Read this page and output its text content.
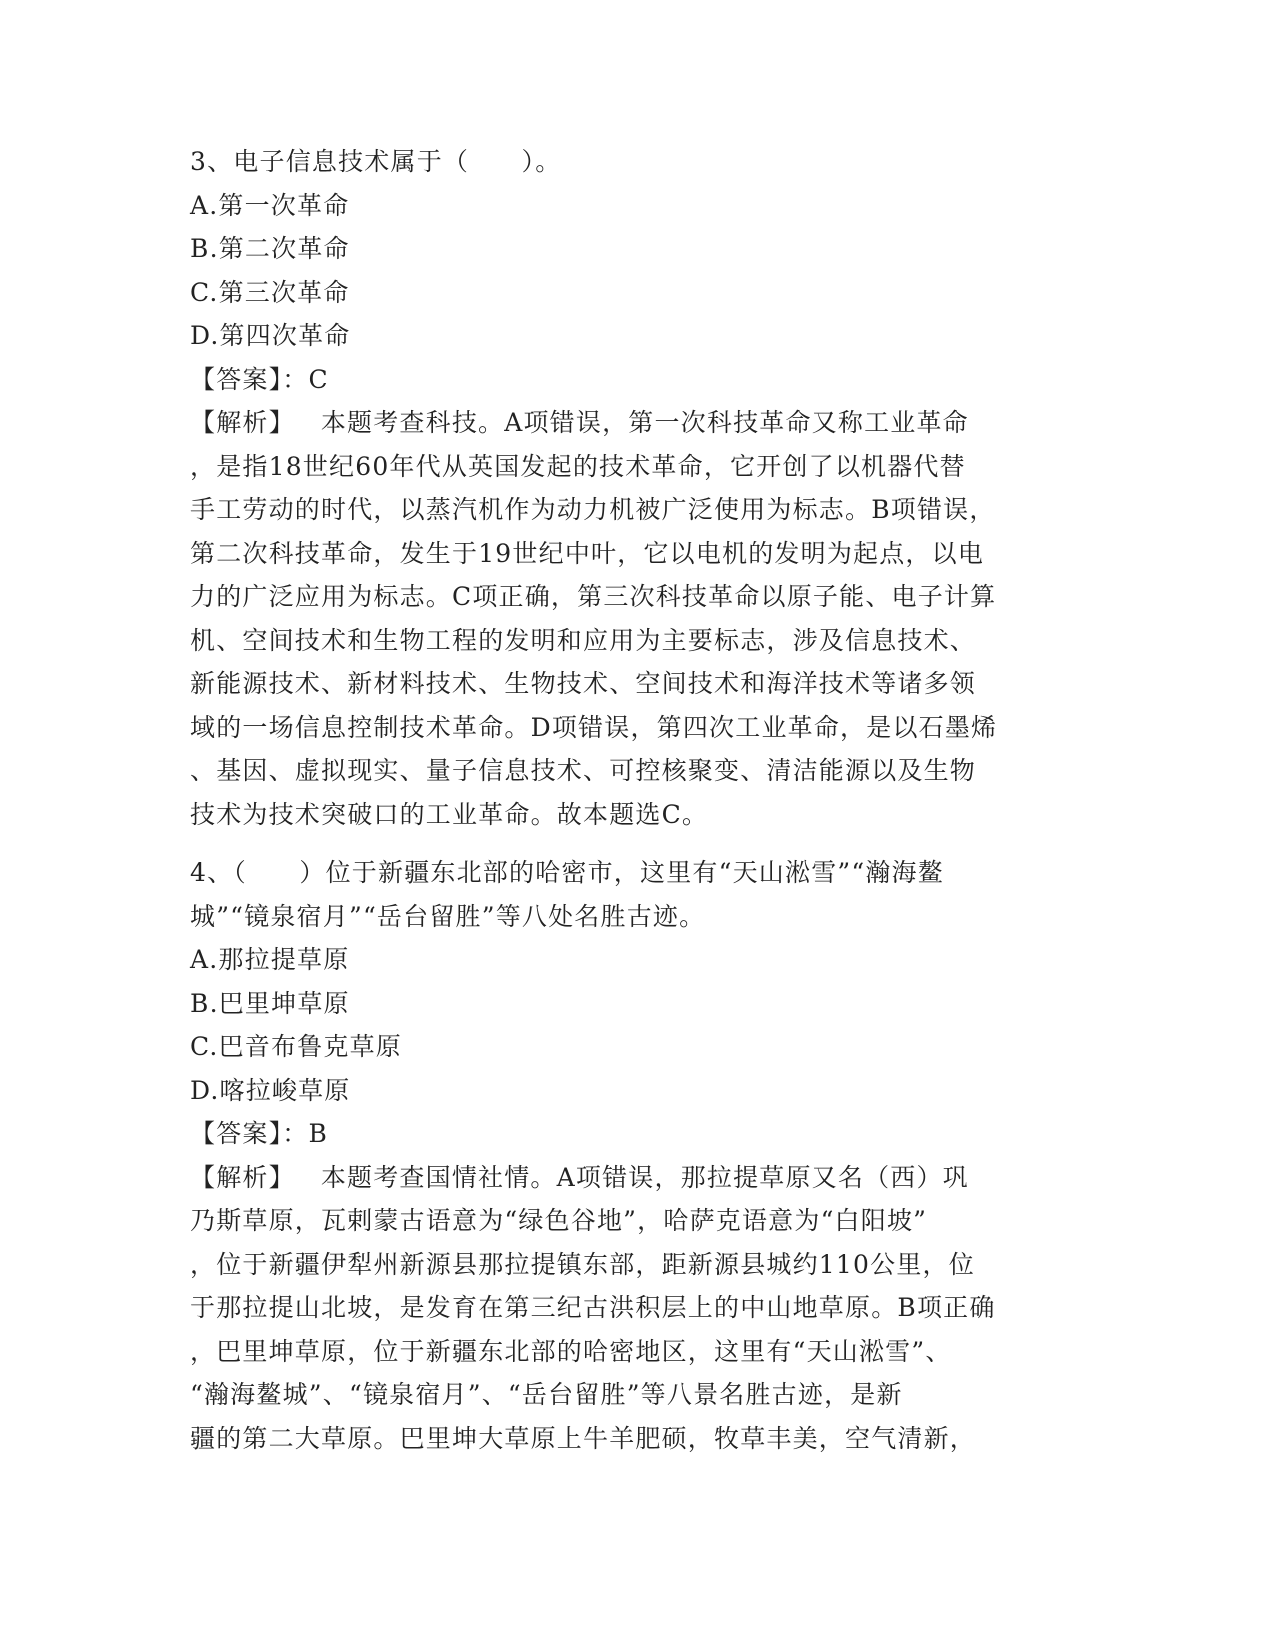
3、电子信息技术属于（　　）。
A.第一次革命
B.第二次革命
C.第三次革命
D.第四次革命
【答案】：C
【解析】 本题考查科技。A项错误，第一次科技革命又称工业革命
，是指18世纪60年代从英国发起的技术革命，它开创了以机器代替
手工劳动的时代，以蒸汽机作为动力机被广泛使用为标志。B项错误，
第二次科技革命，发生于19世纪中叶，它以电机的发明为起点，以电
力的广泛应用为标志。C项正确，第三次科技革命以原子能、电子计算
机、空间技术和生物工程的发明和应用为主要标志，涉及信息技术、
新能源技术、新材料技术、生物技术、空间技术和海洋技术等诸多领
域的一场信息控制技术革命。D项错误，第四次工业革命，是以石墨烯
、基因、虚拟现实、量子信息技术、可控核聚变、清洁能源以及生物
技术为技术突破口的工业革命。故本题选C。
4、（　　）位于新疆东北部的哈密市，这里有“天山淞雪”“瀚海鳌
城”“镜泉宿月”“岳台留胜”等八处名胜古迹。
A.那拉提草原
B.巴里坤草原
C.巴音布鲁克草原
D.喀拉峻草原
【答案】：B
【解析】 本题考查国情社情。A项错误，那拉提草原又名（西）巩
乃斯草原，瓦剌蒙古语意为“绿色谷地”，哈萨克语意为“白阳坡”
，位于新疆伊犁州新源县那拉提镇东部，距新源县城约110公里，位
于那拉提山北坡，是发育在第三纪古洪积层上的中山地草原。B项正确
，巴里坤草原，位于新疆东北部的哈密地区，这里有“天山淞雪”、
“瀚海鳌城”、“镜泉宿月”、“岳台留胜”等八景名胜古迹，是新
疆的第二大草原。巴里坤大草原上牛羊肥硕，牧草丰美，空气清新，
